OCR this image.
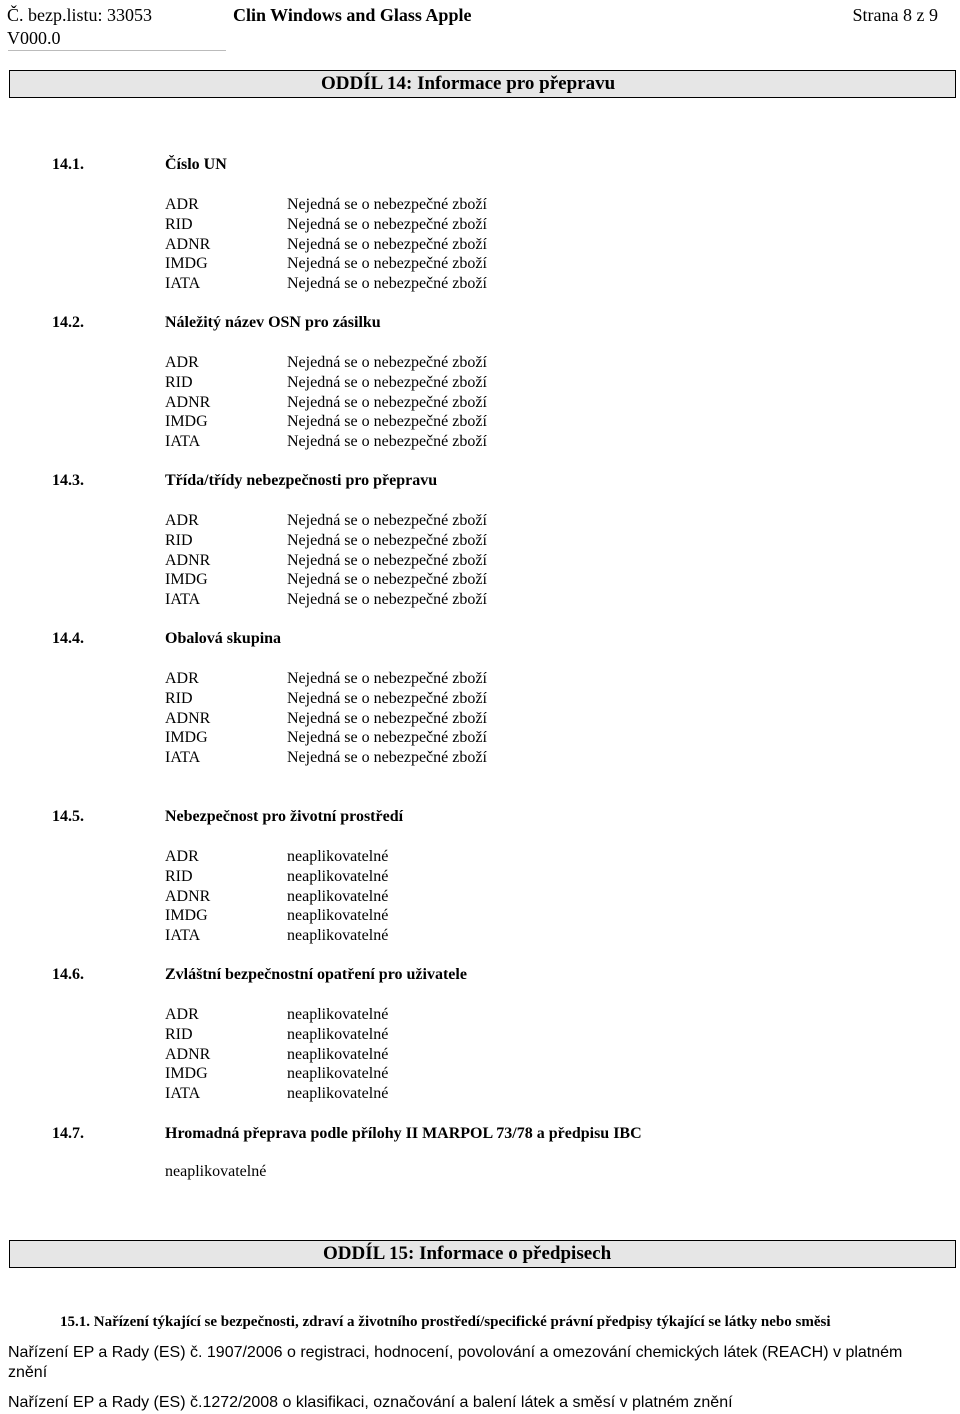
Č. bezp.listu: 33053	Clin Windows and Glass Apple	Strana 8 z 9
V000.0
ODDÍL 14: Informace pro přepravu
14.1.	Číslo UN
ADR	Nejedná se o nebezpečné zboží
RID	Nejedná se o nebezpečné zboží
ADNR	Nejedná se o nebezpečné zboží
IMDG	Nejedná se o nebezpečné zboží
IATA	Nejedná se o nebezpečné zboží
14.2.	Náležitý název OSN pro zásilku
ADR	Nejedná se o nebezpečné zboží
RID	Nejedná se o nebezpečné zboží
ADNR	Nejedná se o nebezpečné zboží
IMDG	Nejedná se o nebezpečné zboží
IATA	Nejedná se o nebezpečné zboží
14.3.	Třída/třídy nebezpečnosti pro přepravu
ADR	Nejedná se o nebezpečné zboží
RID	Nejedná se o nebezpečné zboží
ADNR	Nejedná se o nebezpečné zboží
IMDG	Nejedná se o nebezpečné zboží
IATA	Nejedná se o nebezpečné zboží
14.4.	Obalová skupina
ADR	Nejedná se o nebezpečné zboží
RID	Nejedná se o nebezpečné zboží
ADNR	Nejedná se o nebezpečné zboží
IMDG	Nejedná se o nebezpečné zboží
IATA	Nejedná se o nebezpečné zboží
14.5.	Nebezpečnost pro životní prostředí
ADR	neaplikovatelné
RID	neaplikovatelné
ADNR	neaplikovatelné
IMDG	neaplikovatelné
IATA	neaplikovatelné
14.6.	Zvláštní bezpečnostní opatření pro uživatele
ADR	neaplikovatelné
RID	neaplikovatelné
ADNR	neaplikovatelné
IMDG	neaplikovatelné
IATA	neaplikovatelné
14.7.	Hromadná přeprava podle přílohy II MARPOL 73/78 a předpisu IBC
neaplikovatelné
ODDÍL 15: Informace o předpisech
15.1. Nařízení týkající se bezpečnosti, zdraví a životního prostředí/specifické právní předpisy týkající se látky nebo směsi
Nařízení EP a Rady (ES) č. 1907/2006 o registraci, hodnocení, povolování a omezování chemických látek (REACH) v platném znění
Nařízení EP a Rady (ES) č.1272/2008 o klasifikaci, označování a balení látek a směsí v platném znění
